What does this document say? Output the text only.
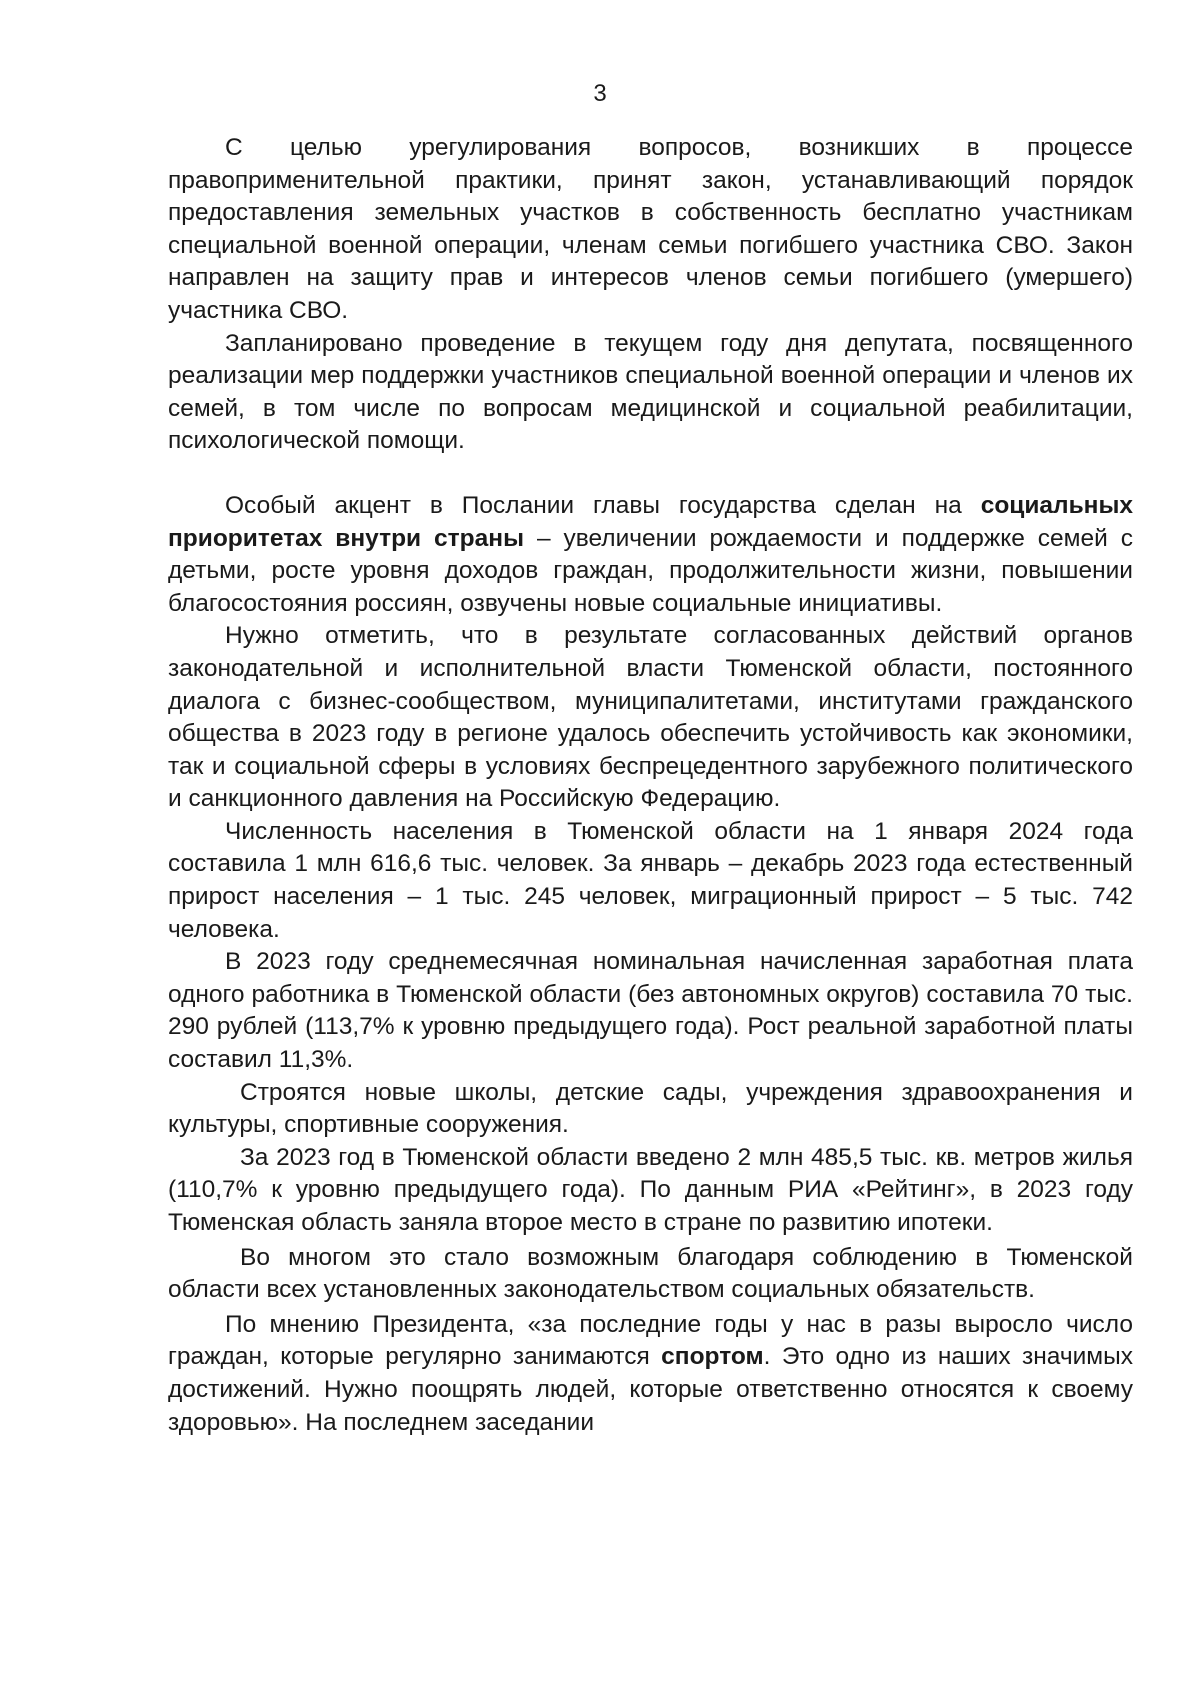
3

С целью урегулирования вопросов, возникших в процессе правоприменительной практики, принят закон, устанавливающий порядок предоставления земельных участков в собственность бесплатно участникам специальной военной операции, членам семьи погибшего участника СВО. Закон направлен на защиту прав и интересов членов семьи погибшего (умершего) участника СВО.

Запланировано проведение в текущем году дня депутата, посвященного реализации мер поддержки участников специальной военной операции и членов их семей, в том числе по вопросам медицинской и социальной реабилитации, психологической помощи.

Особый акцент в Послании главы государства сделан на социальных приоритетах внутри страны – увеличении рождаемости и поддержке семей с детьми, росте уровня доходов граждан, продолжительности жизни, повышении благосостояния россиян, озвучены новые социальные инициативы.

Нужно отметить, что в результате согласованных действий органов законодательной и исполнительной власти Тюменской области, постоянного диалога с бизнес-сообществом, муниципалитетами, институтами гражданского общества в 2023 году в регионе удалось обеспечить устойчивость как экономики, так и социальной сферы в условиях беспрецедентного зарубежного политического и санкционного давления на Российскую Федерацию.

Численность населения в Тюменской области на 1 января 2024 года составила 1 млн 616,6 тыс. человек. За январь – декабрь 2023 года естественный прирост населения – 1 тыс. 245 человек, миграционный прирост – 5 тыс. 742 человека.

В 2023 году среднемесячная номинальная начисленная заработная плата одного работника в Тюменской области (без автономных округов) составила 70 тыс. 290 рублей (113,7% к уровню предыдущего года). Рост реальной заработной платы составил 11,3%.

Строятся новые школы, детские сады, учреждения здравоохранения и культуры, спортивные сооружения.

За 2023 год в Тюменской области введено 2 млн 485,5 тыс. кв. метров жилья (110,7% к уровню предыдущего года). По данным РИА «Рейтинг», в 2023 году Тюменская область заняла второе место в стране по развитию ипотеки.

Во многом это стало возможным благодаря соблюдению в Тюменской области всех установленных законодательством социальных обязательств.

По мнению Президента, «за последние годы у нас в разы выросло число граждан, которые регулярно занимаются спортом. Это одно из наших значимых достижений. Нужно поощрять людей, которые ответственно относятся к своему здоровью». На последнем заседании
